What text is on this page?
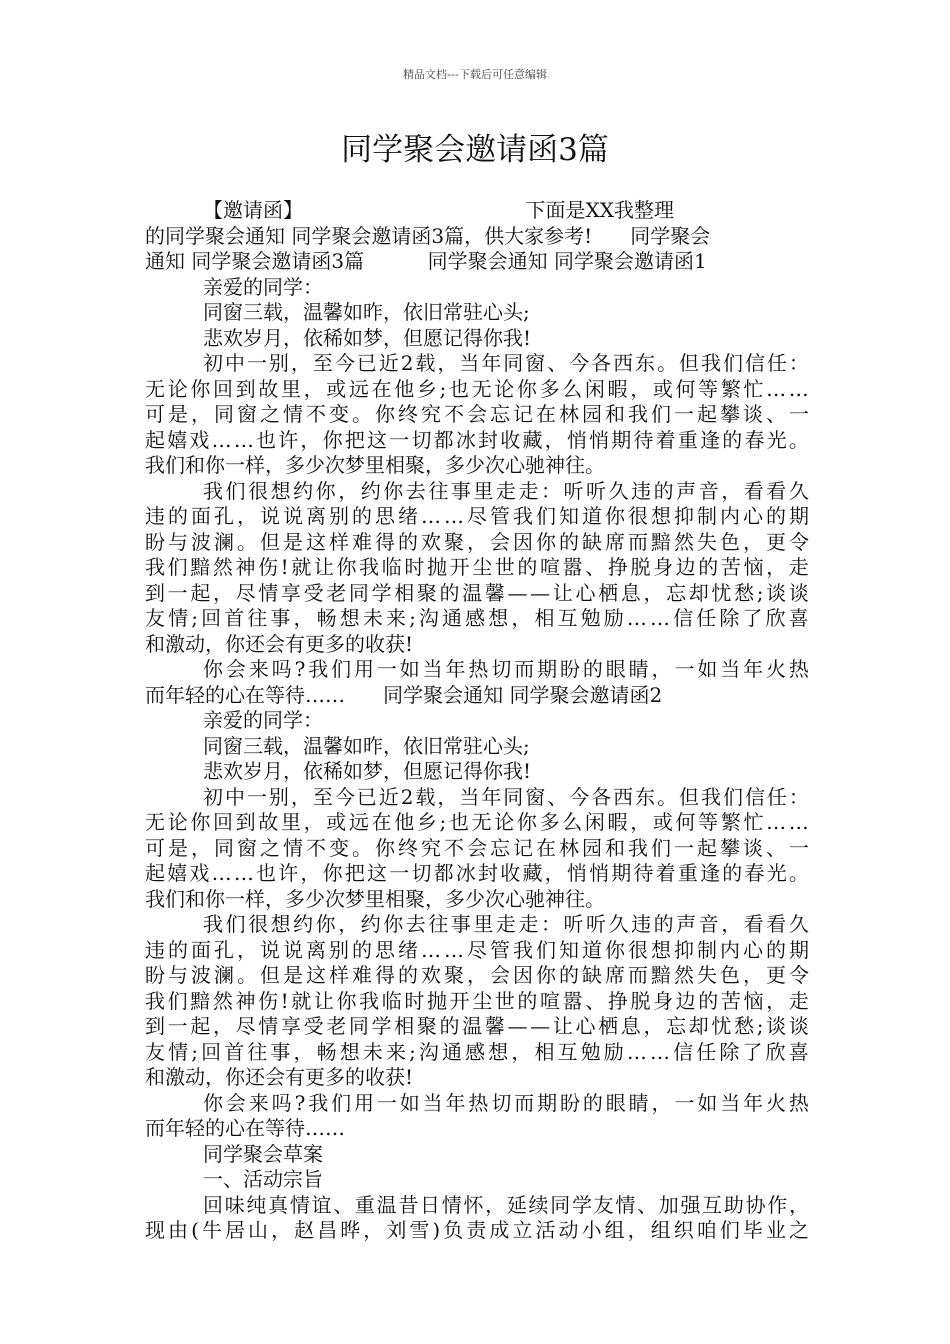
精品文档---下载后可任意编辑
同学聚会邀请函3篇
【邀请函】                                   下面是XX我整理
的同学聚会通知 同学聚会邀请函3篇，供大家参考!      同学聚会
通知 同学聚会邀请函3篇          同学聚会通知 同学聚会邀请函1
亲爱的同学：
同窗三载，温馨如昨，依旧常驻心头;
悲欢岁月，依稀如梦，但愿记得你我!
初 中 一 别 ， 至 今 已 近 2 载 ， 当 年 同 窗 、 今 各 西 东 。 但 我 们 信 任 ：
无 论 你 回 到 故 里 ， 或 远 在 他 乡 ; 也 无 论 你 多 么 闲 暇 ， 或 何 等 繁 忙 … …
可 是 ， 同 窗 之 情 不 变 。 你 终 究 不 会 忘 记 在 林 园 和 我 们 一 起 攀 谈 、 一
起 嬉 戏 … … 也 许 ， 你 把 这 一 切 都 冰 封 收 藏 ， 悄 悄 期 待 着 重 逢 的 春 光 。
我们和你一样，多少次梦里相聚，多少次心驰神往。
我 们 很 想 约 你 ， 约 你 去 往 事 里 走 走 ： 听 听 久 违 的 声 音 ， 看 看 久
违 的 面 孔 ， 说 说 离 别 的 思 绪 … … 尽 管 我 们 知 道 你 很 想 抑 制 内 心 的 期
盼 与 波 澜 。 但 是 这 样 难 得 的 欢 聚 ， 会 因 你 的 缺 席 而 黯 然 失 色 ， 更 令
我 们 黯 然 神 伤 ! 就 让 你 我 临 时 抛 开 尘 世 的 喧 嚣 、 挣 脱 身 边 的 苦 恼 ， 走
到 一 起 ， 尽 情 享 受 老 同 学 相 聚 的 温 馨 — — 让 心 栖 息 ， 忘 却 忧 愁 ; 谈 谈
友 情 ; 回 首 往 事 ， 畅 想 未 来 ; 沟 通 感 想 ， 相 互 勉 励 … … 信 任 除 了 欣 喜
和激动，你还会有更多的收获!
你 会 来 吗 ? 我 们 用 一 如 当 年 热 切 而 期 盼 的 眼 睛 ， 一 如 当 年 火 热
而年轻的心在等待……      同学聚会通知 同学聚会邀请函2
亲爱的同学：
同窗三载，温馨如昨，依旧常驻心头;
悲欢岁月，依稀如梦，但愿记得你我!
初 中 一 别 ， 至 今 已 近 2 载 ， 当 年 同 窗 、 今 各 西 东 。 但 我 们 信 任 ：
无 论 你 回 到 故 里 ， 或 远 在 他 乡 ; 也 无 论 你 多 么 闲 暇 ， 或 何 等 繁 忙 … …
可 是 ， 同 窗 之 情 不 变 。 你 终 究 不 会 忘 记 在 林 园 和 我 们 一 起 攀 谈 、 一
起 嬉 戏 … … 也 许 ， 你 把 这 一 切 都 冰 封 收 藏 ， 悄 悄 期 待 着 重 逢 的 春 光 。
我们和你一样，多少次梦里相聚，多少次心驰神往。
我 们 很 想 约 你 ， 约 你 去 往 事 里 走 走 ： 听 听 久 违 的 声 音 ， 看 看 久
违 的 面 孔 ， 说 说 离 别 的 思 绪 … … 尽 管 我 们 知 道 你 很 想 抑 制 内 心 的 期
盼 与 波 澜 。 但 是 这 样 难 得 的 欢 聚 ， 会 因 你 的 缺 席 而 黯 然 失 色 ， 更 令
我 们 黯 然 神 伤 ! 就 让 你 我 临 时 抛 开 尘 世 的 喧 嚣 、 挣 脱 身 边 的 苦 恼 ， 走
到 一 起 ， 尽 情 享 受 老 同 学 相 聚 的 温 馨 — — 让 心 栖 息 ， 忘 却 忧 愁 ; 谈 谈
友 情 ; 回 首 往 事 ， 畅 想 未 来 ; 沟 通 感 想 ， 相 互 勉 励 … … 信 任 除 了 欣 喜
和激动，你还会有更多的收获!
你 会 来 吗 ? 我 们 用 一 如 当 年 热 切 而 期 盼 的 眼 睛 ， 一 如 当 年 火 热
而年轻的心在等待……
同学聚会草案
一、活动宗旨
回 味 纯 真 情 谊 、 重 温 昔 日 情 怀 ， 延 续 同 学 友 情 、 加 强 互 助 协 作 ，
现 由 ( 牛 居 山 ， 赵 昌 晔 ， 刘 雪 ) 负 责 成 立 活 动 小 组 ， 组 织 咱 们 毕 业 之
